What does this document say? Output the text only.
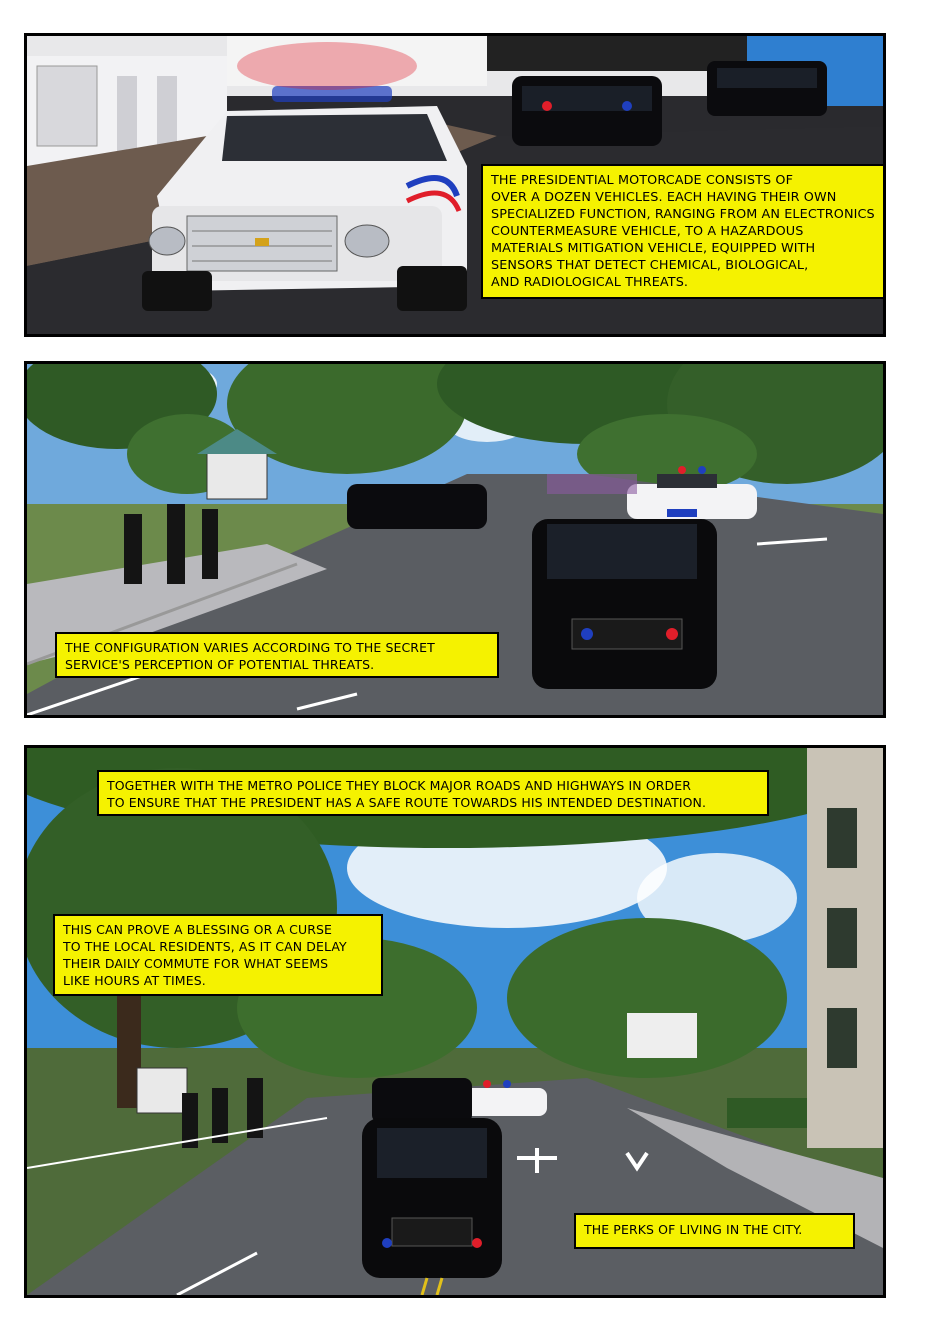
THE PRESIDENTIAL MOTORCADE CONSISTS OF
OVER A DOZEN VEHICLES. EACH HAVING THEIR OWN
SPECIALIZED FUNCTION, RANGING FROM AN ELECTRONICS
COUNTERMEASURE VEHICLE, TO A HAZARDOUS
MATERIALS MITIGATION VEHICLE, EQUIPPED WITH
SENSORS THAT DETECT CHEMICAL, BIOLOGICAL,
AND RADIOLOGICAL THREATS.

THE CONFIGURATION VARIES ACCORDING TO THE SECRET
SERVICE'S PERCEPTION OF POTENTIAL THREATS.

TOGETHER WITH THE METRO POLICE THEY BLOCK MAJOR ROADS AND HIGHWAYS IN ORDER
TO ENSURE THAT THE PRESIDENT HAS A SAFE ROUTE TOWARDS HIS INTENDED DESTINATION.

THIS CAN PROVE A BLESSING OR A CURSE
TO THE LOCAL RESIDENTS, AS IT CAN DELAY
THEIR DAILY COMMUTE FOR WHAT SEEMS
LIKE HOURS AT TIMES.

THE PERKS OF LIVING IN THE CITY.
